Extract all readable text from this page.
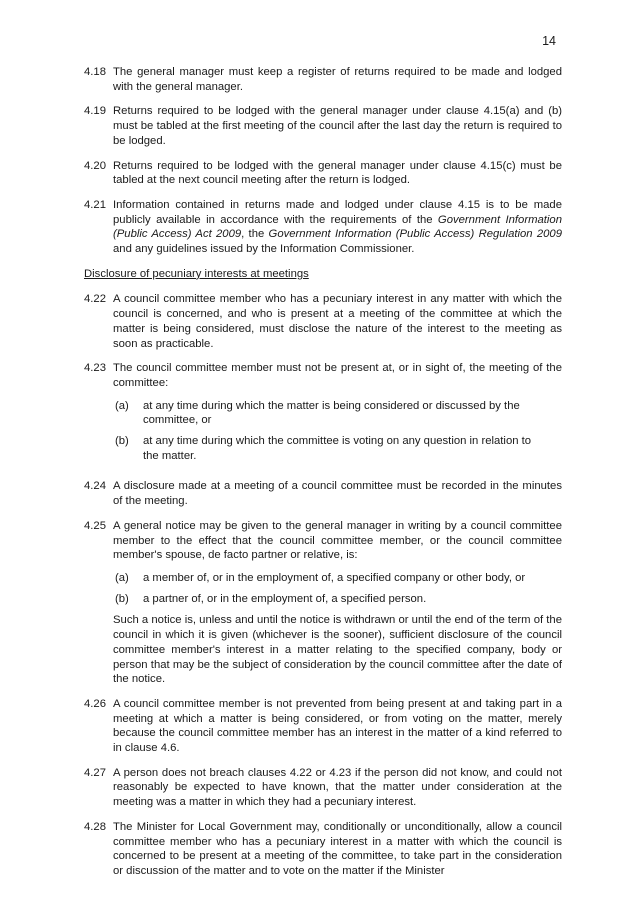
14
4.18 The general manager must keep a register of returns required to be made and lodged with the general manager.
4.19 Returns required to be lodged with the general manager under clause 4.15(a) and (b) must be tabled at the first meeting of the council after the last day the return is required to be lodged.
4.20 Returns required to be lodged with the general manager under clause 4.15(c) must be tabled at the next council meeting after the return is lodged.
4.21 Information contained in returns made and lodged under clause 4.15 is to be made publicly available in accordance with the requirements of the Government Information (Public Access) Act 2009, the Government Information (Public Access) Regulation 2009 and any guidelines issued by the Information Commissioner.
Disclosure of pecuniary interests at meetings
4.22 A council committee member who has a pecuniary interest in any matter with which the council is concerned, and who is present at a meeting of the committee at which the matter is being considered, must disclose the nature of the interest to the meeting as soon as practicable.
4.23 The council committee member must not be present at, or in sight of, the meeting of the committee:

(a)	at any time during which the matter is being considered or discussed by the committee, or
(b)	at any time during which the committee is voting on any question in relation to the matter.
4.24 A disclosure made at a meeting of a council committee must be recorded in the minutes of the meeting.
4.25 A general notice may be given to the general manager in writing by a council committee member to the effect that the council committee member, or the council committee member's spouse, de facto partner or relative, is:

(a)	a member of, or in the employment of, a specified company or other body, or
(b)	a partner of, or in the employment of, a specified person.

Such a notice is, unless and until the notice is withdrawn or until the end of the term of the council in which it is given (whichever is the sooner), sufficient disclosure of the council committee member's interest in a matter relating to the specified company, body or person that may be the subject of consideration by the council committee after the date of the notice.

4.26 A council committee member is not prevented from being present at and taking part in a meeting at which a matter is being considered, or from voting on the matter, merely because the council committee member has an interest in the matter of a kind referred to in clause 4.6.
4.27 A person does not breach clauses 4.22 or 4.23 if the person did not know, and could not reasonably be expected to have known, that the matter under consideration at the meeting was a matter in which they had a pecuniary interest.
4.28 The Minister for Local Government may, conditionally or unconditionally, allow a council committee member who has a pecuniary interest in a matter with which the council is concerned to be present at a meeting of the committee, to take part in the consideration or discussion of the matter and to vote on the matter if the Minister
